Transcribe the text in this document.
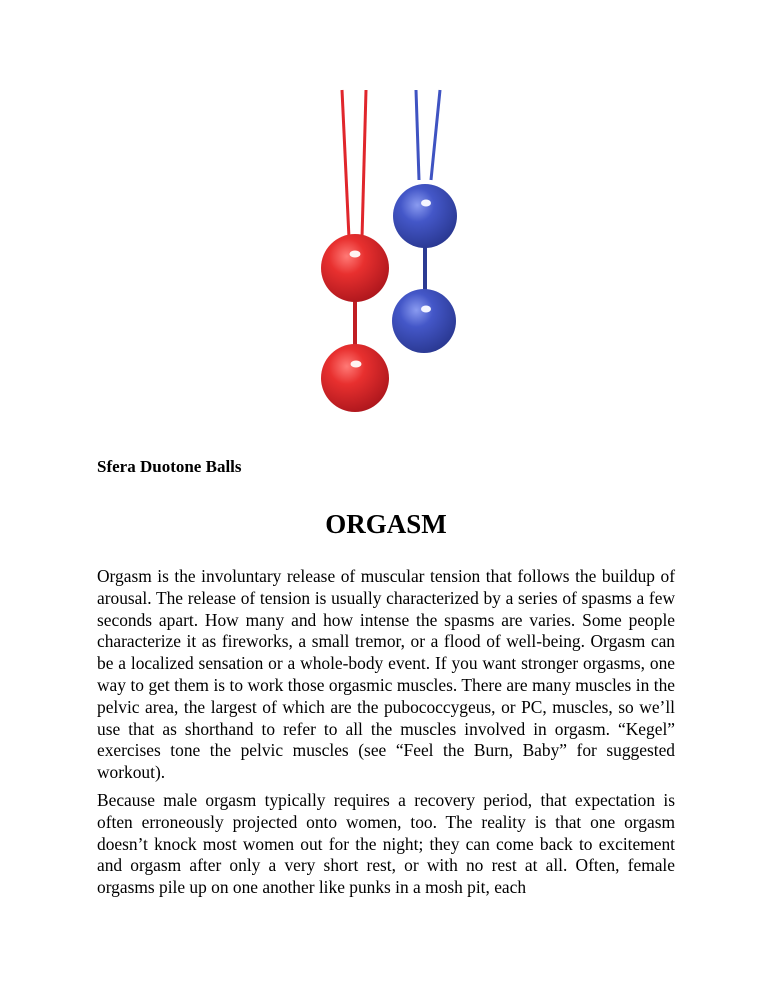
Sfera Duotone Balls

ORGASM

Orgasm is the involuntary release of muscular tension that follows the buildup of arousal. The release of tension is usually characterized by a series of spasms a few seconds apart. How many and how intense the spasms are varies. Some people characterize it as fireworks, a small tremor, or a flood of well-being. Orgasm can be a localized sensation or a whole-body event. If you want stronger orgasms, one way to get them is to work those orgasmic muscles. There are many muscles in the pelvic area, the largest of which are the pubococcygeus, or PC, muscles, so we’ll use that as shorthand to refer to all the muscles involved in orgasm. “Kegel” exercises tone the pelvic muscles (see “Feel the Burn, Baby” for suggested workout).

Because male orgasm typically requires a recovery period, that expectation is often erroneously projected onto women, too. The reality is that one orgasm doesn’t knock most women out for the night; they can come back to excitement and orgasm after only a very short rest, or with no rest at all. Often, female orgasms pile up on one another like punks in a mosh pit, each
